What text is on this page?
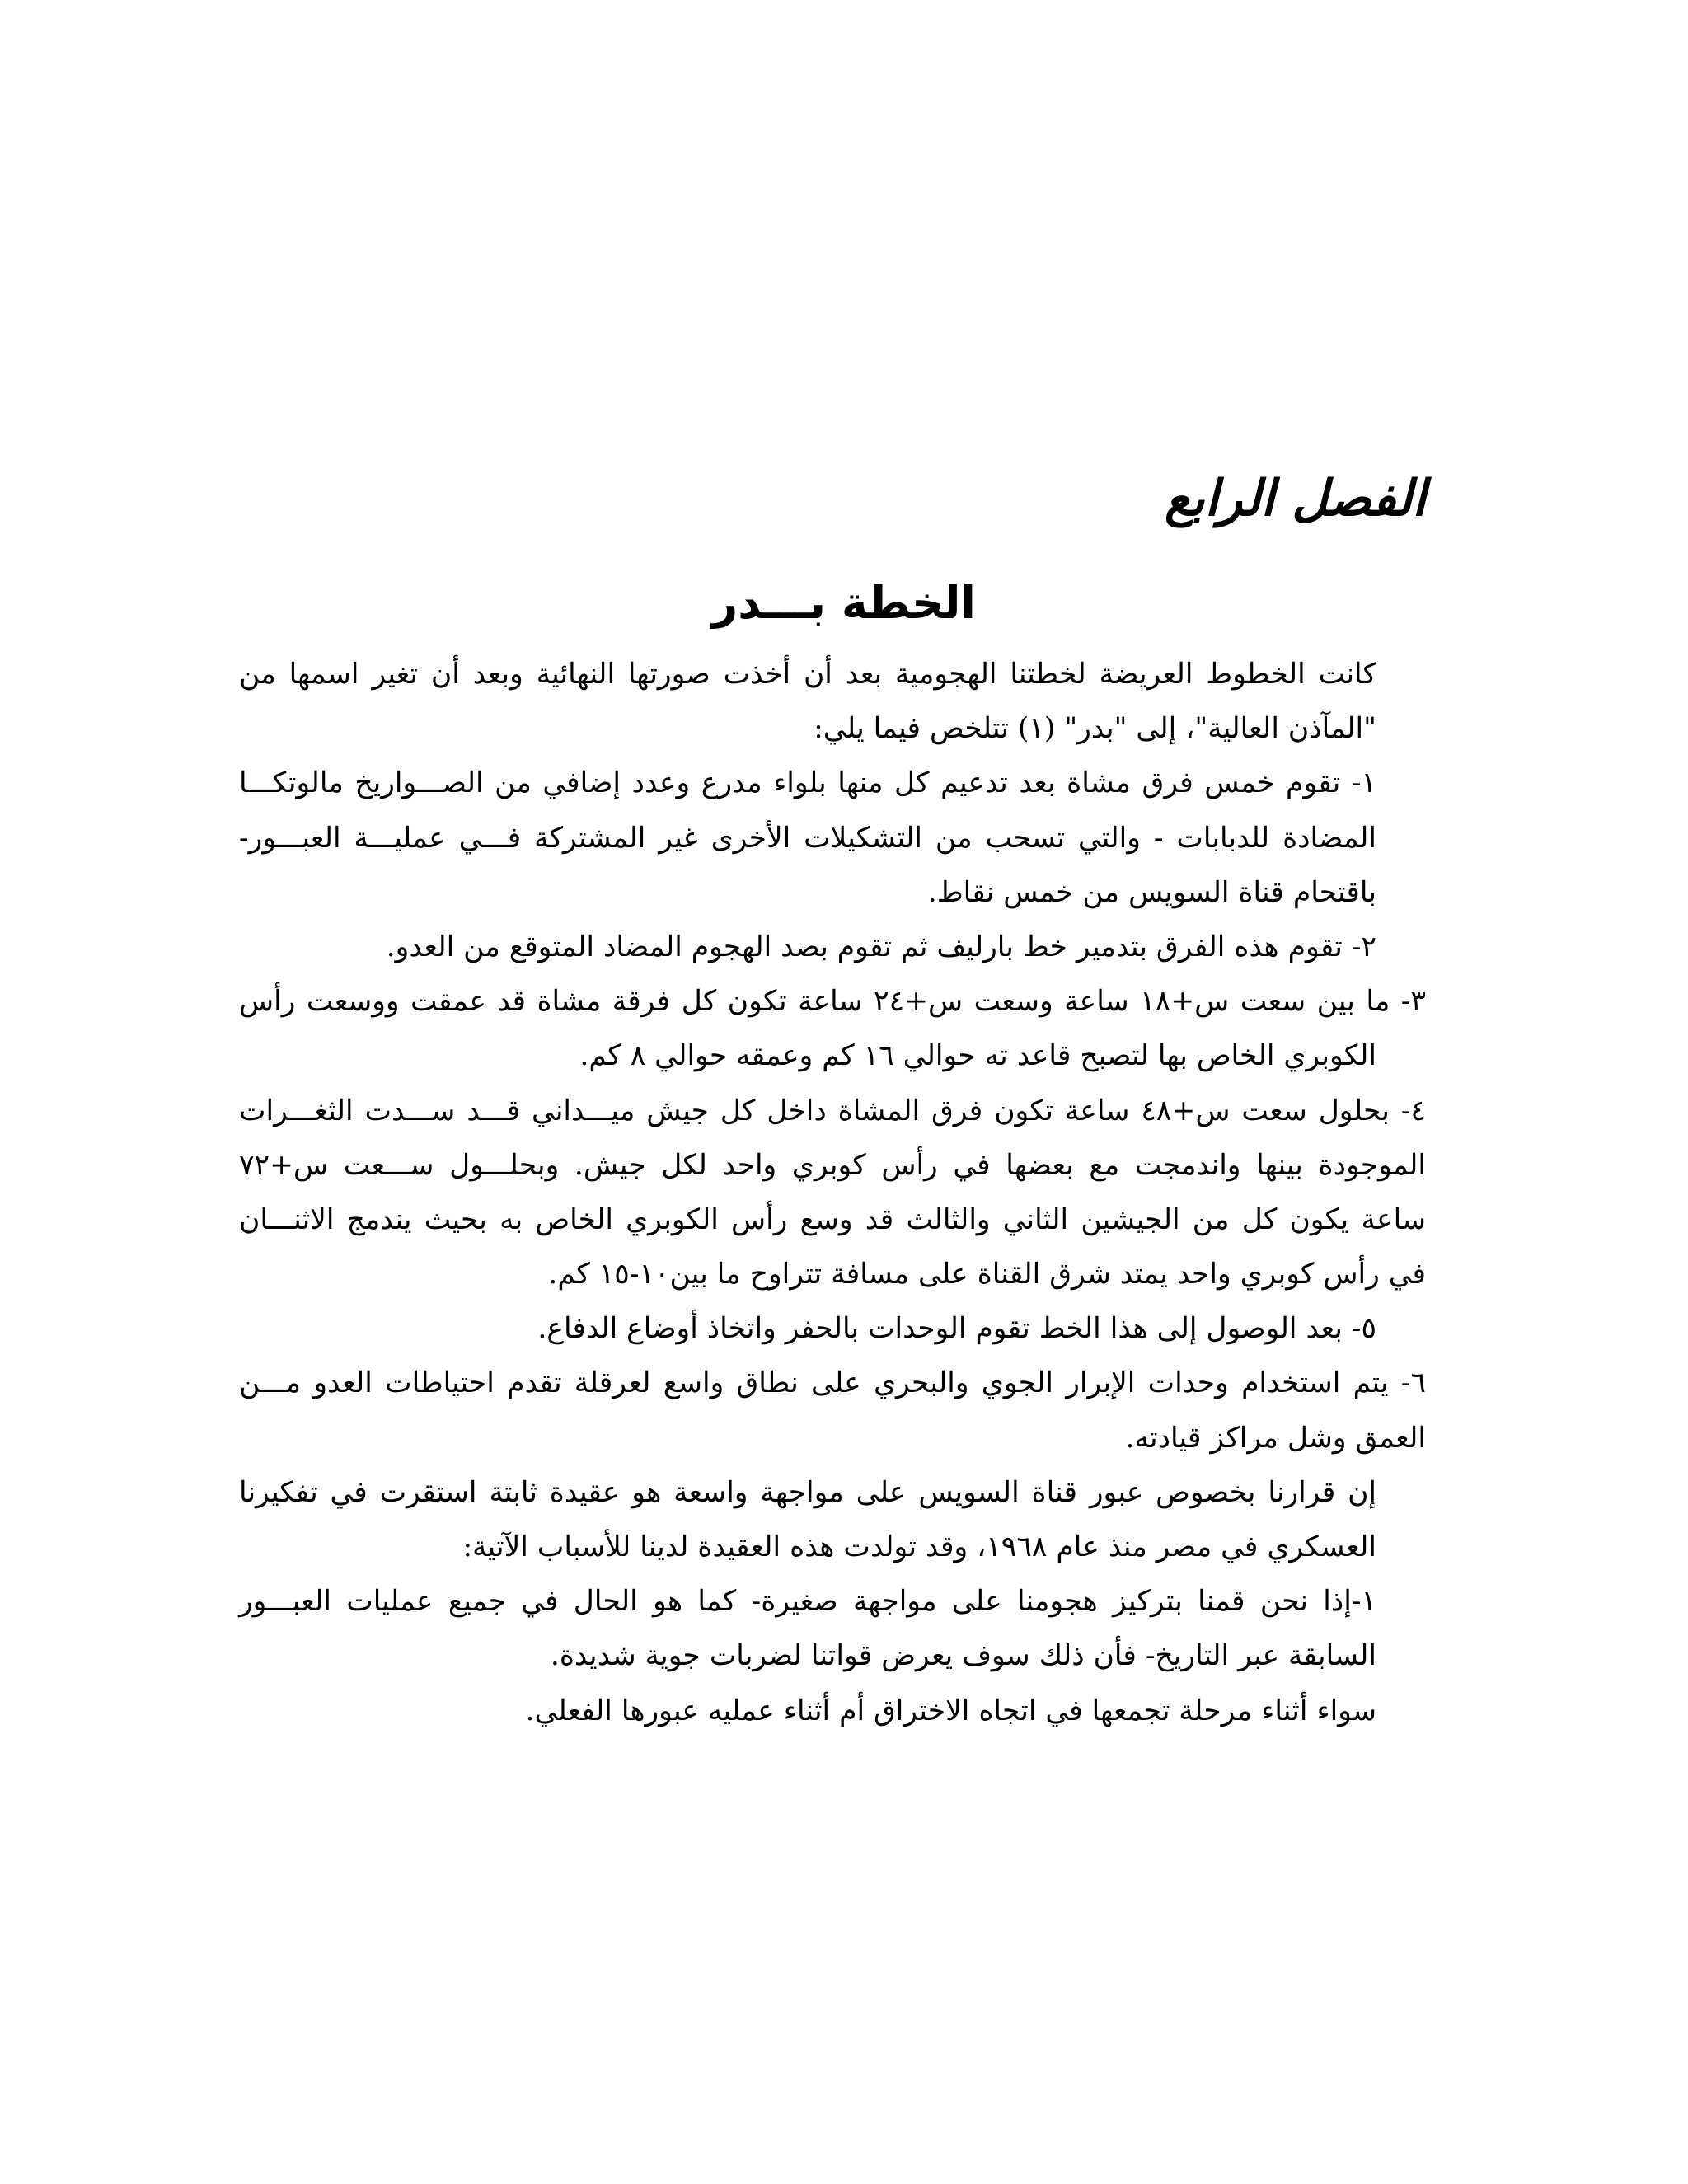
الفصل الرابع
الخطة بـــدر
كانت الخطوط العريضة لخطتنا الهجومية بعد أن أخذت صورتها النهائية وبعد أن تغير اسمها من
"المآذن العالية"، إلى "بدر" (١) تتلخص فيما يلي:
١- تقوم خمس فرق مشاة بعد تدعيم كل منها بلواء مدرع وعدد إضافي من الصـــواريخ مالوتكـــا
المضادة للدبابات - والتي تسحب من التشكيلات الأخرى غير المشتركة فـــي عمليـــة العبـــور-
باقتحام قناة السويس من خمس نقاط.
٢- تقوم هذه الفرق بتدمير خط بارليف ثم تقوم بصد الهجوم المضاد المتوقع من العدو.
٣- ما بين سعت س+١٨ ساعة وسعت س+٢٤ ساعة تكون كل فرقة مشاة قد عمقت ووسعت رأس
الكوبري الخاص بها لتصبح قاعد ته حوالي ١٦ كم وعمقه حوالي ٨ كم.
٤- بحلول سعت س+٤٨ ساعة تكون فرق المشاة داخل كل جيش ميـــداني قـــد ســـدت الثغـــرات
الموجودة بينها واندمجت مع بعضها في رأس كوبري واحد لكل جيش. وبحلـــول ســـعت س+٧٢
ساعة يكون كل من الجيشين الثاني والثالث قد وسع رأس الكوبري الخاص به بحيث يندمج الاثنـــان
في رأس كوبري واحد يمتد شرق القناة على مسافة تتراوح ما بين١٠-١٥ كم.
٥- بعد الوصول إلى هذا الخط تقوم الوحدات بالحفر واتخاذ أوضاع الدفاع.
٦- يتم استخدام وحدات الإبرار الجوي والبحري على نطاق واسع لعرقلة تقدم احتياطات العدو مـــن
العمق وشل مراكز قيادته.
إن قرارنا بخصوص عبور قناة السويس على مواجهة واسعة هو عقيدة ثابتة استقرت في تفكيرنا
العسكري في مصر منذ عام ١٩٦٨، وقد تولدت هذه العقيدة لدينا للأسباب الآتية:
١-إذا نحن قمنا بتركيز هجومنا على مواجهة صغيرة- كما هو الحال في جميع عمليات العبـــور
السابقة عبر التاريخ- فأن ذلك سوف يعرض قواتنا لضربات جوية شديدة.
سواء أثناء مرحلة تجمعها في اتجاه الاختراق أم أثناء عمليه عبورها الفعلي.
